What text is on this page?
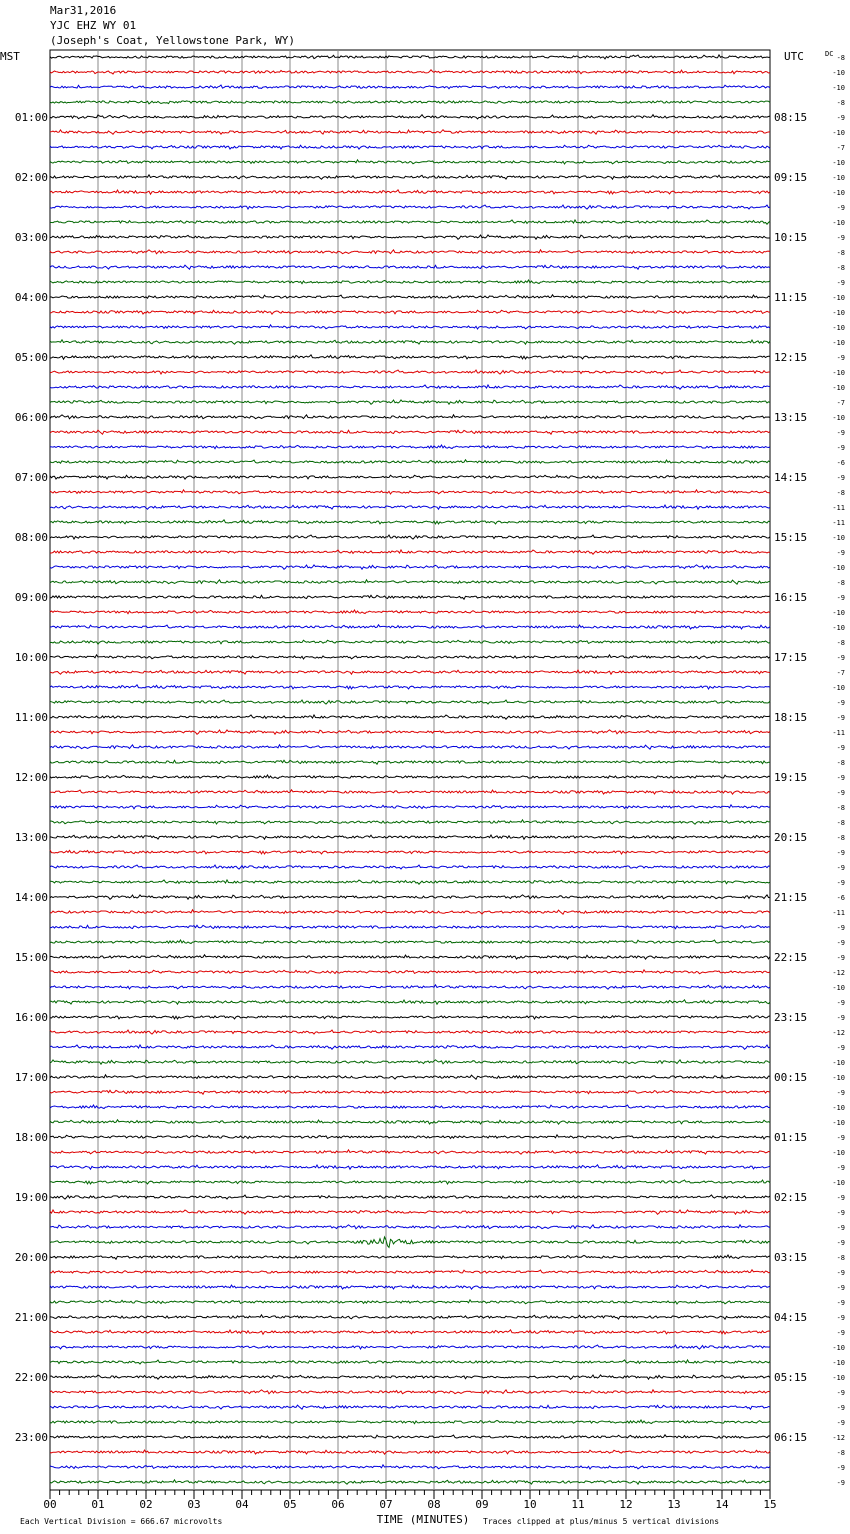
Mar31,2016
YJC EHZ WY 01
(Joseph's Coat, Yellowstone Park, WY)
MST	UTC	-8
-10
-10
-8
-9
-10
-7
-10
-10
-10
-9
-10
-9
-8
-8
-9
-10
-10
-10
-10
-9
-10
-10
-7
-10
-9
-9
-6
-9
-8
-11
-11
-10
-9
-10
-8
-9
-10
-10
-8
-9
-7
-10
-9
-9
-11
-9
-8
-9
-9
-8
-8
-8
-9
-9
-9
-6
-11
-9
-9
-9
-12
-10
-9
-9
-12
-9
-10
-10
-9
-10
-10
-9
-10
-9
-10
-9
-9
-9
-9
-8
-9
-9
-9
-9
-9
-10
-10
-10
-9
-9
-9
-12
-8
-9
-9
DC
01:00
02:00
03:00
04:00
05:00
06:00
07:00
08:00
09:00
10:00
11:00
12:00
13:00
14:00
15:00
16:00
17:00
18:00
19:00
20:00
21:00
22:00
23:00
08:15
09:15
10:15
11:15
12:15
13:15
14:15
15:15
16:15
17:15
18:15
19:15
20:15
21:15
22:15
23:15
00:15
01:15
02:15
03:15
04:15
05:15
06:15
00	01	02	03	04	05	06	07	08	09	10	11	12	13	14	15
Each Vertical Division = 666.67 microvolts	TIME (MINUTES) Traces clipped at plus/minus 5 vertical divisions
